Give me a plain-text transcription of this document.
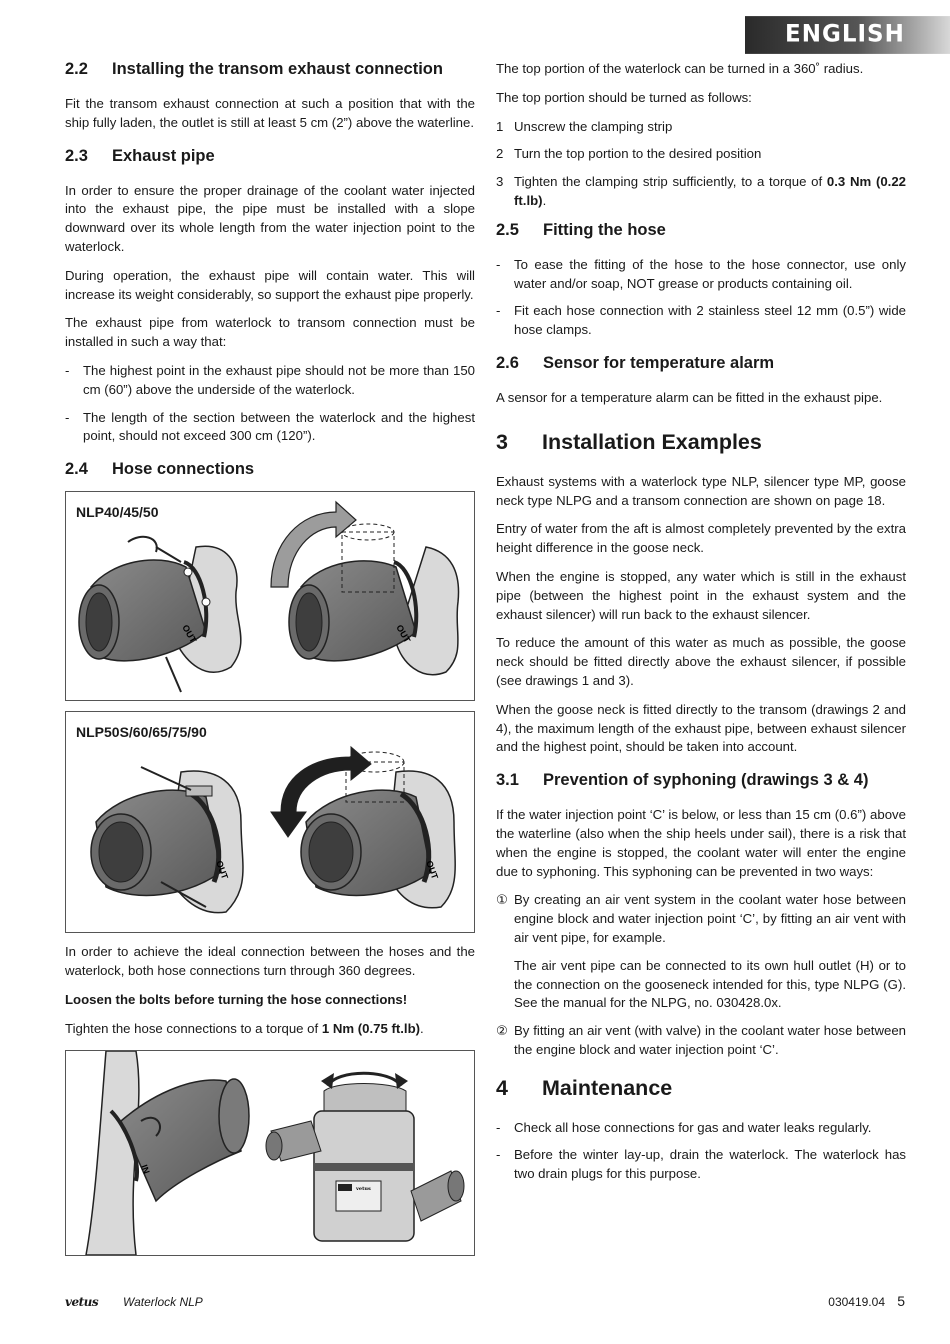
ENGLISH
2.2	Installing the transom exhaust connection

Fit the transom exhaust connection at such a position that with the ship fully laden, the outlet is still at least 5 cm (2”) above the waterline.

2.3	Exhaust pipe

In order to ensure the proper drainage of the coolant water injected into the exhaust pipe, the pipe must be installed with a slope downward over its whole length from the water injection point to the waterlock.

During operation, the exhaust pipe will contain water. This will increase its weight considerably, so support the exhaust pipe properly.

The exhaust pipe from waterlock to transom connection must be installed in such a way that:

-	The highest point in the exhaust pipe should not be more than 150 cm (60”) above the underside of the waterlock.
-	The length of the section between the waterlock and the highest point, should not exceed 300 cm (120”).
2.4	Hose connections
NLP40/45/50
OUT	OUT
NLP50S/60/65/75/90
OUT	OUT

In order to achieve the ideal connection between the hoses and the waterlock, both hose connections turn through 360 degrees.

Loosen the bolts before turning the hose connections!

Tighten the hose connections to a torque of 1 Nm (0.75 ft.lb).

IN
vetus

The top portion of the waterlock can be turned in a 360˚ radius.

The top portion should be turned as follows:

1 Unscrew the clamping strip
2 Turn the top portion to the desired position
3 Tighten the clamping strip sufficiently, to a torque of 0.3 Nm (0.22 ft.lb).
2.5	Fitting the hose
-	To ease the fitting of the hose to the hose connector, use only water and/or soap, NOT grease or products containing oil.
-	Fit each hose connection with 2 stainless steel 12 mm (0.5”) wide hose clamps.
2.6	Sensor for temperature alarm

A sensor for a temperature alarm can be fitted in the exhaust pipe.

3	Installation Examples

Exhaust systems with a waterlock type NLP, silencer type MP, goose neck type NLPG and a transom connection are shown on page 18.

Entry of water from the aft is almost completely prevented by the extra height difference in the goose neck.

When the engine is stopped, any water which is still in the exhaust pipe (between the highest point in the exhaust system and the exhaust silencer) will run back to the exhaust silencer.

To reduce the amount of this water as much as possible, the goose neck should be fitted directly above the exhaust silencer, if possible (see drawings 1 and 3).

When the goose neck is fitted directly to the transom (drawings 2 and 4), the maximum length of the exhaust pipe, between exhaust silencer and the highest point, should be taken into account.

3.1	Prevention of syphoning (drawings 3 & 4)

If the water injection point ‘C’ is below, or less than 15 cm (0.6”) above the waterline (also when the ship heels under sail), there is a risk that when the engine is stopped, the coolant water will enter the engine due to syphoning. This syphoning can be prevented in two ways:

① By creating an air vent system in the coolant water hose between engine block and water injection point ‘C’, by fitting an air vent with air vent pipe, for example.
The air vent pipe can be connected to its own hull outlet (H) or to the connection on the gooseneck intended for this, type NLPG (G). See the manual for the NLPG, no. 030428.0x.
② By fitting an air vent (with valve) in the coolant water hose between the engine block and water injection point ‘C’.
4	Maintenance
-	Check all hose connections for gas and water leaks regularly.
-	Before the winter lay-up, drain the waterlock. The waterlock has two drain plugs for this purpose.
vetus Waterlock NLP	030419.04 5
